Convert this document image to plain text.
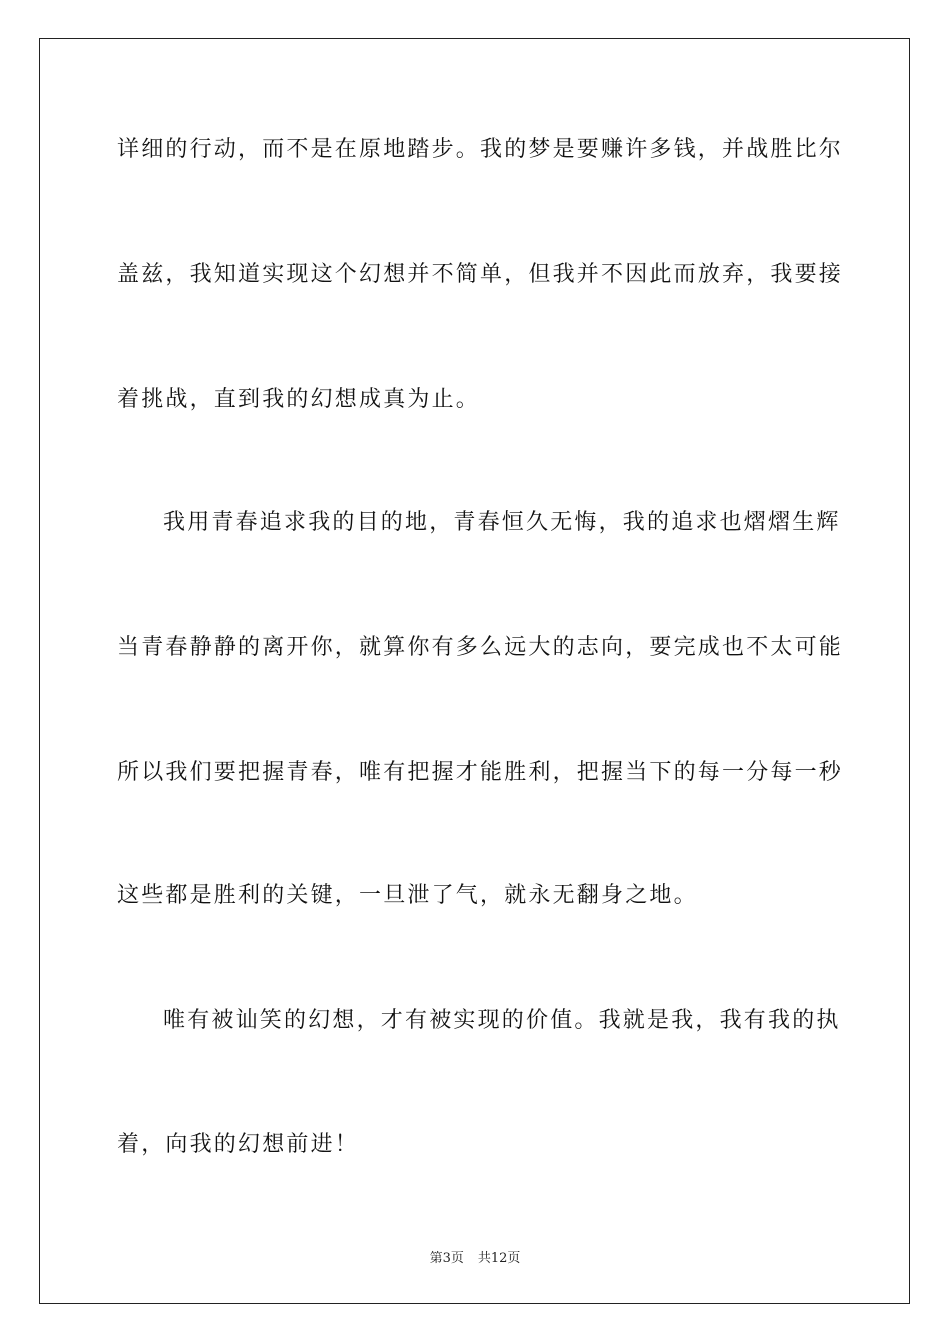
详细的行动，而不是在原地踏步。我的梦是要赚许多钱，并战胜比尔
盖兹，我知道实现这个幻想并不简单，但我并不因此而放弃，我要接
着挑战，直到我的幻想成真为止。
我用青春追求我的目的地，青春恒久无悔，我的追求也熠熠生辉
当青春静静的离开你，就算你有多么远大的志向，要完成也不太可能
所以我们要把握青春，唯有把握才能胜利，把握当下的每一分每一秒
这些都是胜利的关键，一旦泄了气，就永无翻身之地。
唯有被讪笑的幻想，才有被实现的价值。我就是我，我有我的执
着，向我的幻想前进！
第3页 共12页
